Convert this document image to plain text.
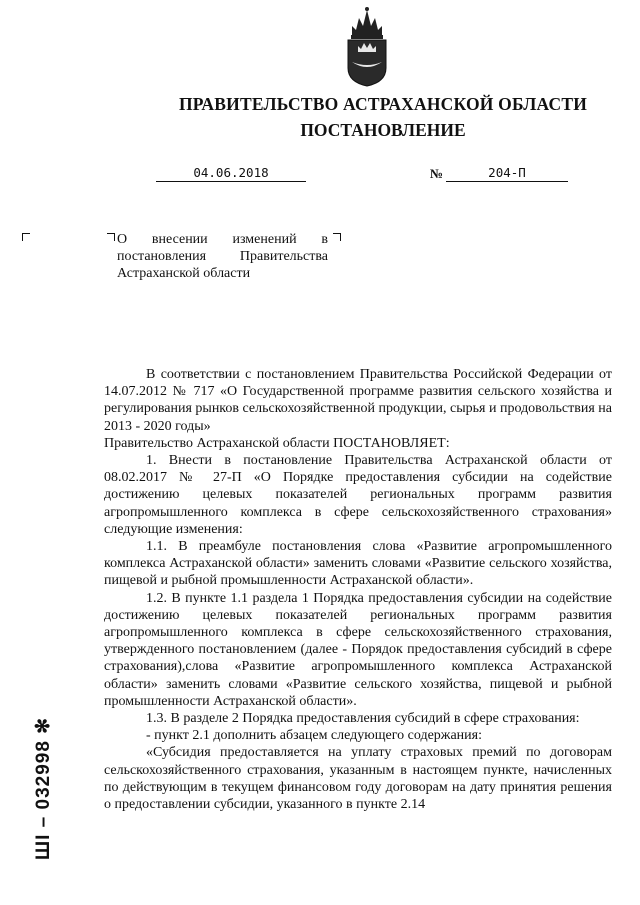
ПРАВИТЕЛЬСТВО АСТРАХАНСКОЙ ОБЛАСТИ
ПОСТАНОВЛЕНИЕ
04.06.2018	№	204-П
О внесении изменений в постановления Правительства Астраханской области

В соответствии с постановлением Правительства Российской Федерации от 14.07.2012 № 717 «О Государственной программе развития сельского хозяйства и регулирования рынков сельскохозяйственной продукции, сырья и продовольствия на 2013 - 2020 годы»

Правительство Астраханской области ПОСТАНОВЛЯЕТ:

1. Внести в постановление Правительства Астраханской области от 08.02.2017 № 27-П «О Порядке предоставления субсидии на содействие достижению целевых показателей региональных программ развития агропромышленного комплекса в сфере сельскохозяйственного страхования» следующие изменения:

1.1. В преамбуле постановления слова «Развитие агропромышленного комплекса Астраханской области» заменить словами «Развитие сельского хозяйства, пищевой и рыбной промышленности Астраханской области».

1.2. В пункте 1.1 раздела 1 Порядка предоставления субсидии на содействие достижению целевых показателей региональных программ развития агропромышленного комплекса в сфере сельскохозяйственного страхования, утвержденного постановлением (далее - Порядок предоставления субсидий в сфере страхования),слова «Развитие агропромышленного комплекса Астраханской области» заменить словами «Развитие сельского хозяйства, пищевой и рыбной промышленности Астраханской области».

1.3. В разделе 2 Порядка предоставления субсидий в сфере страхования:

- пункт 2.1 дополнить абзацем следующего содержания:

«Субсидия предоставляется на уплату страховых премий по договорам сельскохозяйственного страхования, указанным в настоящем пункте, начисленных по действующим в текущем финансовом году договорам на дату принятия решения о предоставлении субсидии, указанного в пункте 2.14

ШI – 032998 ✻
